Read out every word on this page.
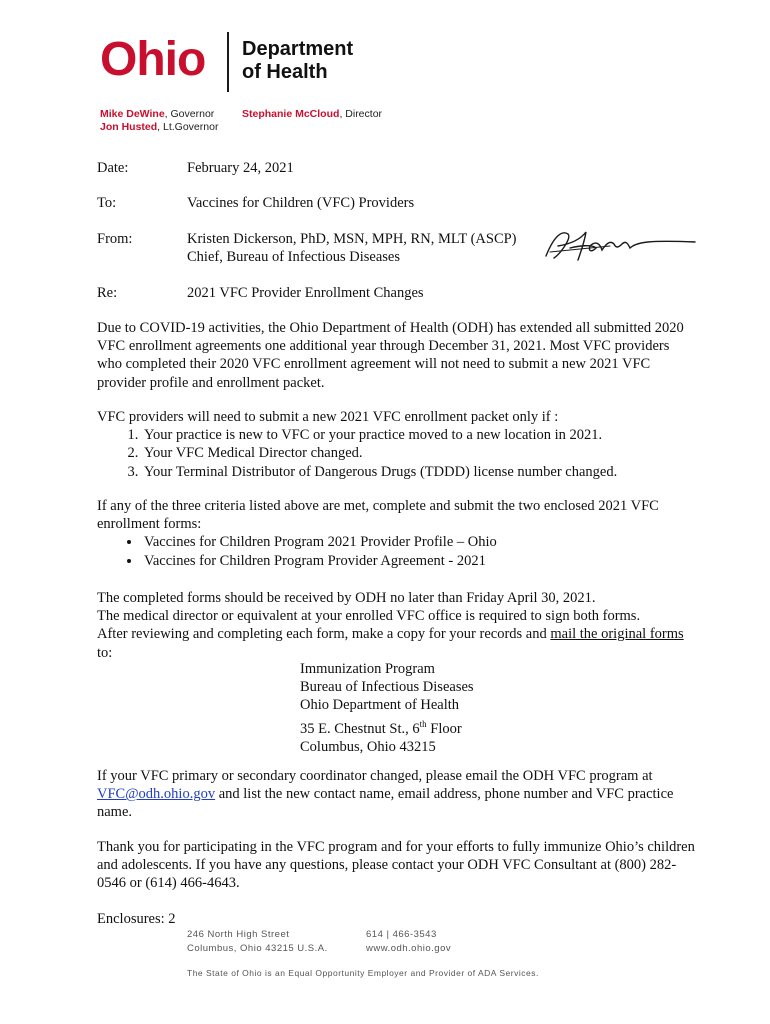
Ohio Department
of Health
Mike DeWine, Governor
Jon Husted, Lt.Governor
Stephanie McCloud, Director
Date:	February 24, 2021
To:	Vaccines for Children (VFC) Providers
From:	Kristen Dickerson, PhD, MSN, MPH, RN, MLT (ASCP)
Chief, Bureau of Infectious Diseases
Re:	2021 VFC Provider Enrollment Changes

Due to COVID-19 activities, the Ohio Department of Health (ODH) has extended all submitted 2020 VFC enrollment agreements one additional year through December 31, 2021. Most VFC providers who completed their 2020 VFC enrollment agreement will not need to submit a new 2021 VFC provider profile and enrollment packet.

VFC providers will need to submit a new 2021 VFC enrollment packet only if :

1. Your practice is new to VFC or your practice moved to a new location in 2021.
2. Your VFC Medical Director changed.
3. Your Terminal Distributor of Dangerous Drugs (TDDD) license number changed.

If any of the three criteria listed above are met, complete and submit the two enclosed 2021 VFC enrollment forms:

• Vaccines for Children Program 2021 Provider Profile – Ohio
• Vaccines for Children Program Provider Agreement - 2021

The completed forms should be received by ODH no later than Friday April 30, 2021.

The medical director or equivalent at your enrolled VFC office is required to sign both forms.

After reviewing and completing each form, make a copy for your records and mail the original forms to:

Immunization Program
Bureau of Infectious Diseases
Ohio Department of Health
35 E. Chestnut St., 6th Floor
Columbus, Ohio 43215

If your VFC primary or secondary coordinator changed, please email the ODH VFC program at VFC@odh.ohio.gov and list the new contact name, email address, phone number and VFC practice name.

Thank you for participating in the VFC program and for your efforts to fully immunize Ohio’s children and adolescents. If you have any questions, please contact your ODH VFC Consultant at (800) 282-0546 or (614) 466-4643.

Enclosures: 2

246 North High Street
Columbus, Ohio 43215 U.S.A.
614 | 466-3543
www.odh.ohio.gov
The State of Ohio is an Equal Opportunity Employer and Provider of ADA Services.
